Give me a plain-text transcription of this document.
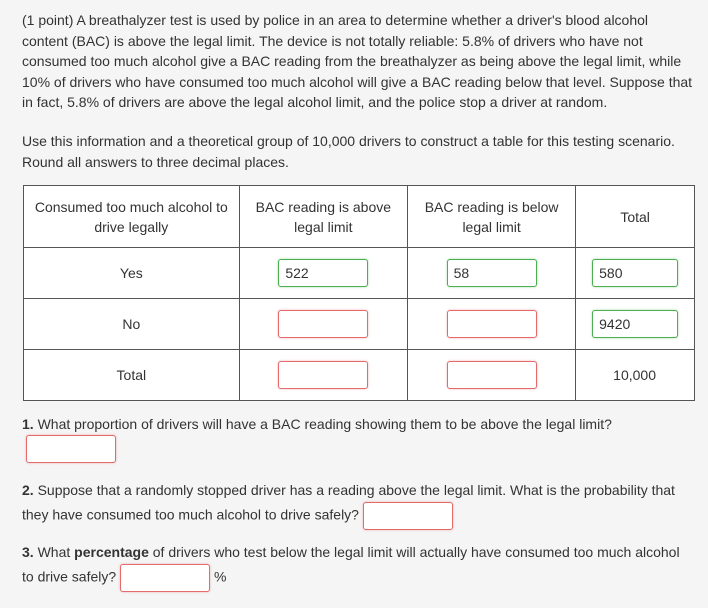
(1 point) A breathalyzer test is used by police in an area to determine whether a driver's blood alcohol content (BAC) is above the legal limit. The device is not totally reliable: 5.8% of drivers who have not consumed too much alcohol give a BAC reading from the breathalyzer as being above the legal limit, while 10% of drivers who have consumed too much alcohol will give a BAC reading below that level. Suppose that in fact, 5.8% of drivers are above the legal alcohol limit, and the police stop a driver at random.

Use this information and a theoretical group of 10,000 drivers to construct a table for this testing scenario. Round all answers to three decimal places.

Consumed too much alcohol to drive legally	BAC reading is above legal limit	BAC reading is below legal limit	Total
Yes	522	58	580
No			9420
Total			10,000

1. What proportion of drivers will have a BAC reading showing them to be above the legal limit?

2. Suppose that a randomly stopped driver has a reading above the legal limit. What is the probability that they have consumed too much alcohol to drive safely?

3. What percentage of drivers who test below the legal limit will actually have consumed too much alcohol to drive safely?	%
